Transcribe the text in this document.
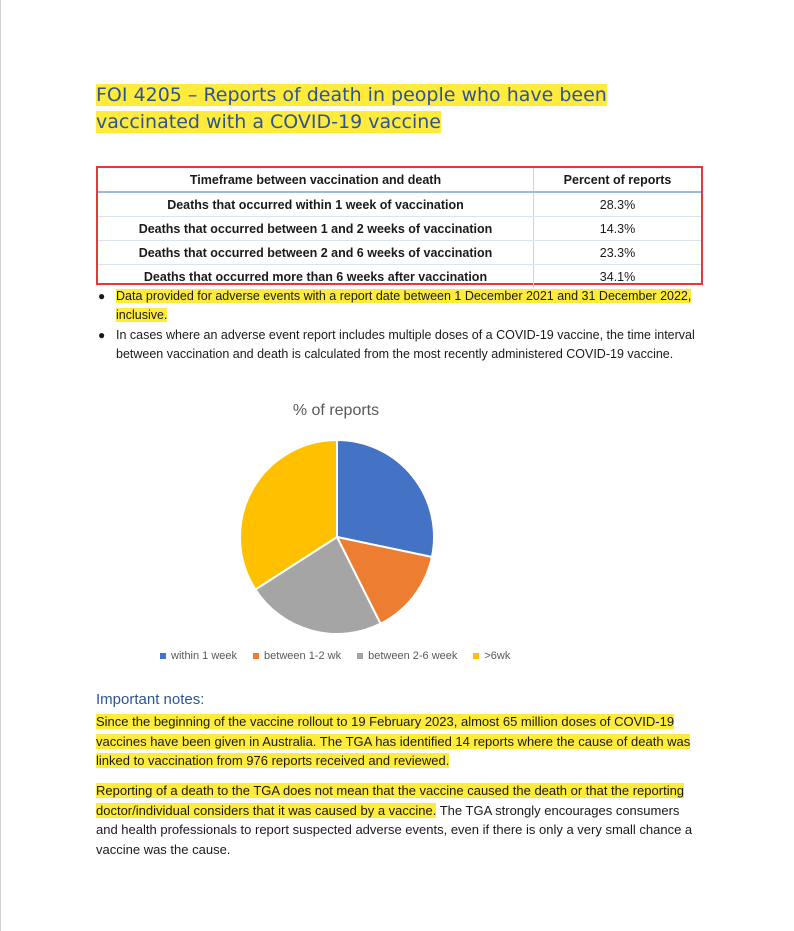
FOI 4205 – Reports of death in people who have been vaccinated with a COVID-19 vaccine
Timeframe between vaccination and death	Percent of reports
Deaths that occurred within 1 week of vaccination	28.3%
Deaths that occurred between 1 and 2 weeks of vaccination	14.3%
Deaths that occurred between 2 and 6 weeks of vaccination	23.3%
Deaths that occurred more than 6 weeks after vaccination	34.1%
● Data provided for adverse events with a report date between 1 December 2021 and 31 December 2022, inclusive.
● In cases where an adverse event report includes multiple doses of a COVID-19 vaccine, the time interval between vaccination and death is calculated from the most recently administered COVID-19 vaccine.
% of reports
within 1 week between 1-2 wk between 2-6 week >6wk
Important notes:
Since the beginning of the vaccine rollout to 19 February 2023, almost 65 million doses of COVID-19 vaccines have been given in Australia. The TGA has identified 14 reports where the cause of death was linked to vaccination from 976 reports received and reviewed.
Reporting of a death to the TGA does not mean that the vaccine caused the death or that the reporting doctor/individual considers that it was caused by a vaccine. The TGA strongly encourages consumers and health professionals to report suspected adverse events, even if there is only a very small chance a vaccine was the cause.
